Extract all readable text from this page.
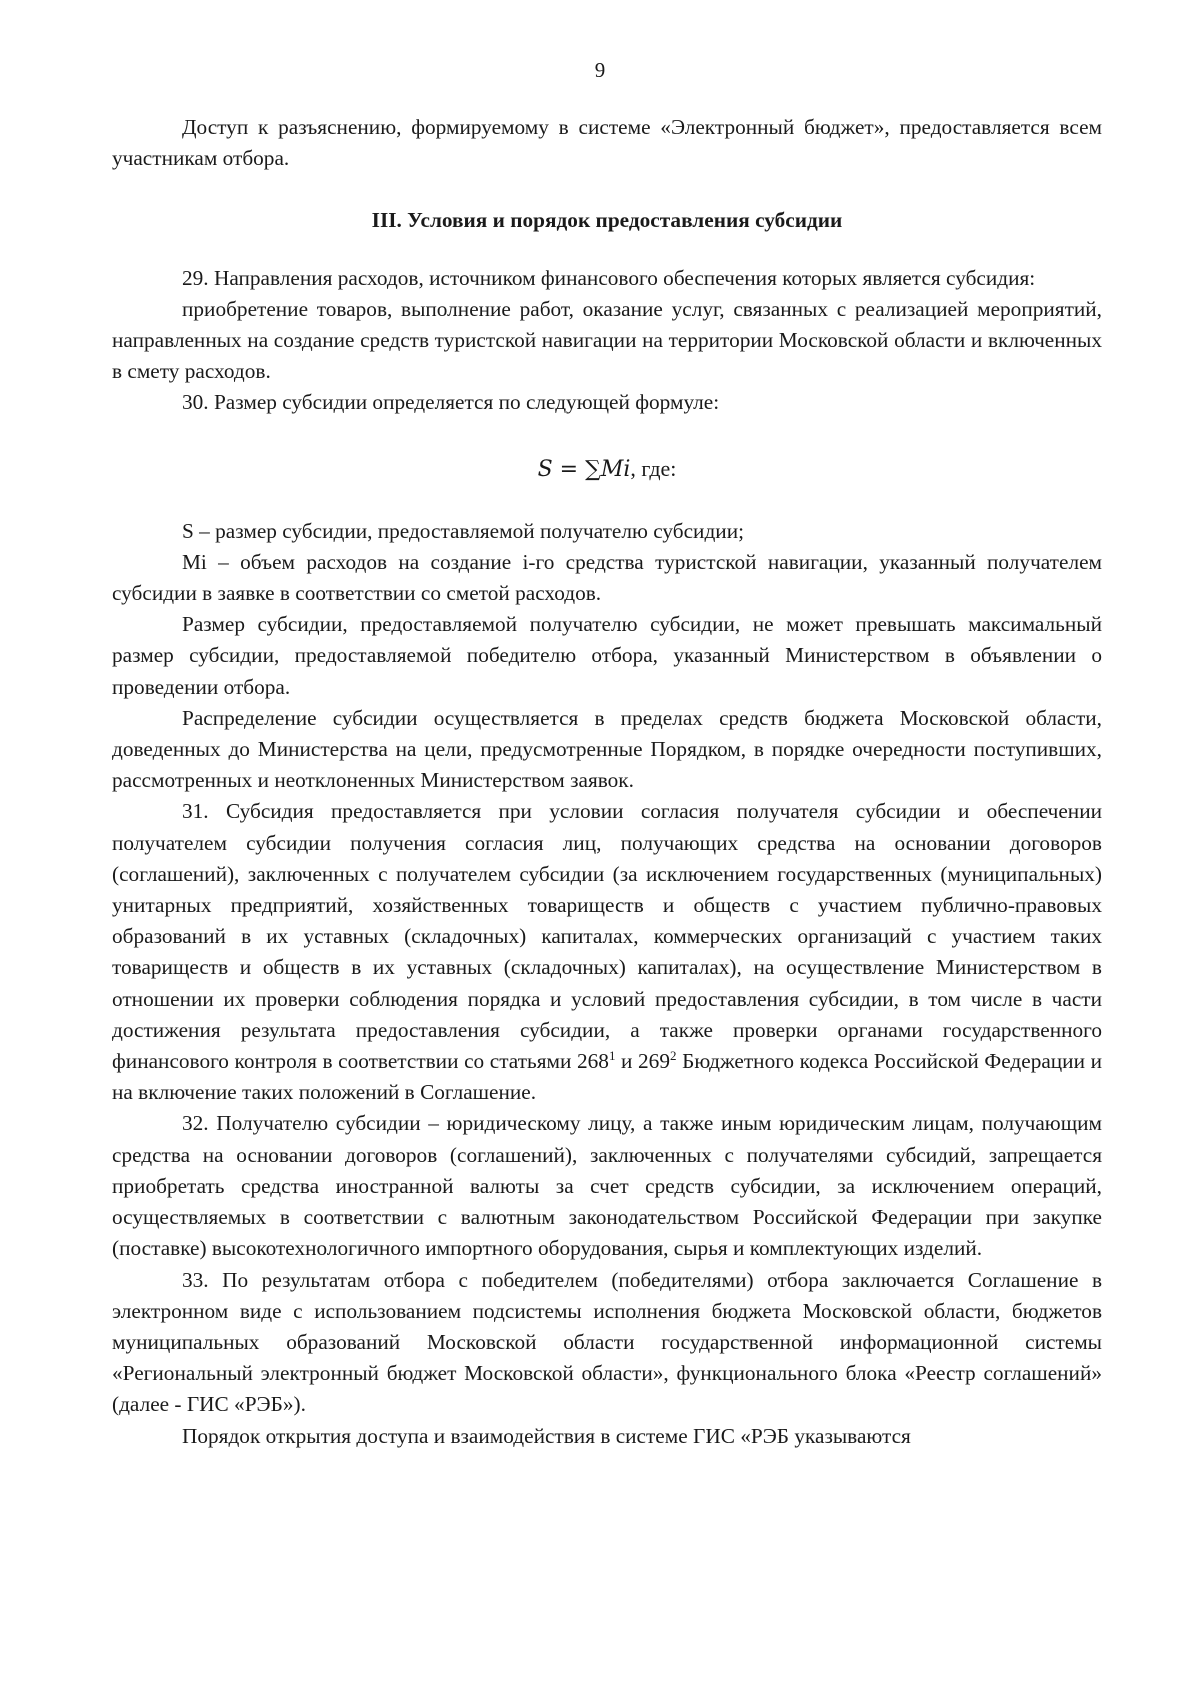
9

Доступ к разъяснению, формируемому в системе «Электронный бюджет», предоставляется всем участникам отбора.

III. Условия и порядок предоставления субсидии

29. Направления расходов, источником финансового обеспечения которых является субсидия:

приобретение товаров, выполнение работ, оказание услуг, связанных с реализацией мероприятий, направленных на создание средств туристской навигации на территории Московской области и включенных в смету расходов.

30. Размер субсидии определяется по следующей формуле:

S = ∑Mi, где:

S – размер субсидии, предоставляемой получателю субсидии;

Mi – объем расходов на создание i-го средства туристской навигации, указанный получателем субсидии в заявке в соответствии со сметой расходов.

Размер субсидии, предоставляемой получателю субсидии, не может превышать максимальный размер субсидии, предоставляемой победителю отбора, указанный Министерством в объявлении о проведении отбора.

Распределение субсидии осуществляется в пределах средств бюджета Московской области, доведенных до Министерства на цели, предусмотренные Порядком, в порядке очередности поступивших, рассмотренных и неотклоненных Министерством заявок.

31. Субсидия предоставляется при условии согласия получателя субсидии и обеспечении получателем субсидии получения согласия лиц, получающих средства на основании договоров (соглашений), заключенных с получателем субсидии (за исключением государственных (муниципальных) унитарных предприятий, хозяйственных товариществ и обществ с участием публично-правовых образований в их уставных (складочных) капиталах, коммерческих организаций с участием таких товариществ и обществ в их уставных (складочных) капиталах), на осуществление Министерством в отношении их проверки соблюдения порядка и условий предоставления субсидии, в том числе в части достижения результата предоставления субсидии, а также проверки органами государственного финансового контроля в соответствии со статьями $268^1$ и $269^2$ Бюджетного кодекса Российской Федерации и на включение таких положений в Соглашение.

32. Получателю субсидии – юридическому лицу, а также иным юридическим лицам, получающим средства на основании договоров (соглашений), заключенных с получателями субсидий, запрещается приобретать средства иностранной валюты за счет средств субсидии, за исключением операций, осуществляемых в соответствии с валютным законодательством Российской Федерации при закупке (поставке) высокотехнологичного импортного оборудования, сырья и комплектующих изделий.

33. По результатам отбора с победителем (победителями) отбора заключается Соглашение в электронном виде с использованием подсистемы исполнения бюджета Московской области, бюджетов муниципальных образований Московской области государственной информационной системы «Региональный электронный бюджет Московской области», функционального блока «Реестр соглашений» (далее - ГИС «РЭБ»).

Порядок открытия доступа и взаимодействия в системе ГИС «РЭБ указываются
